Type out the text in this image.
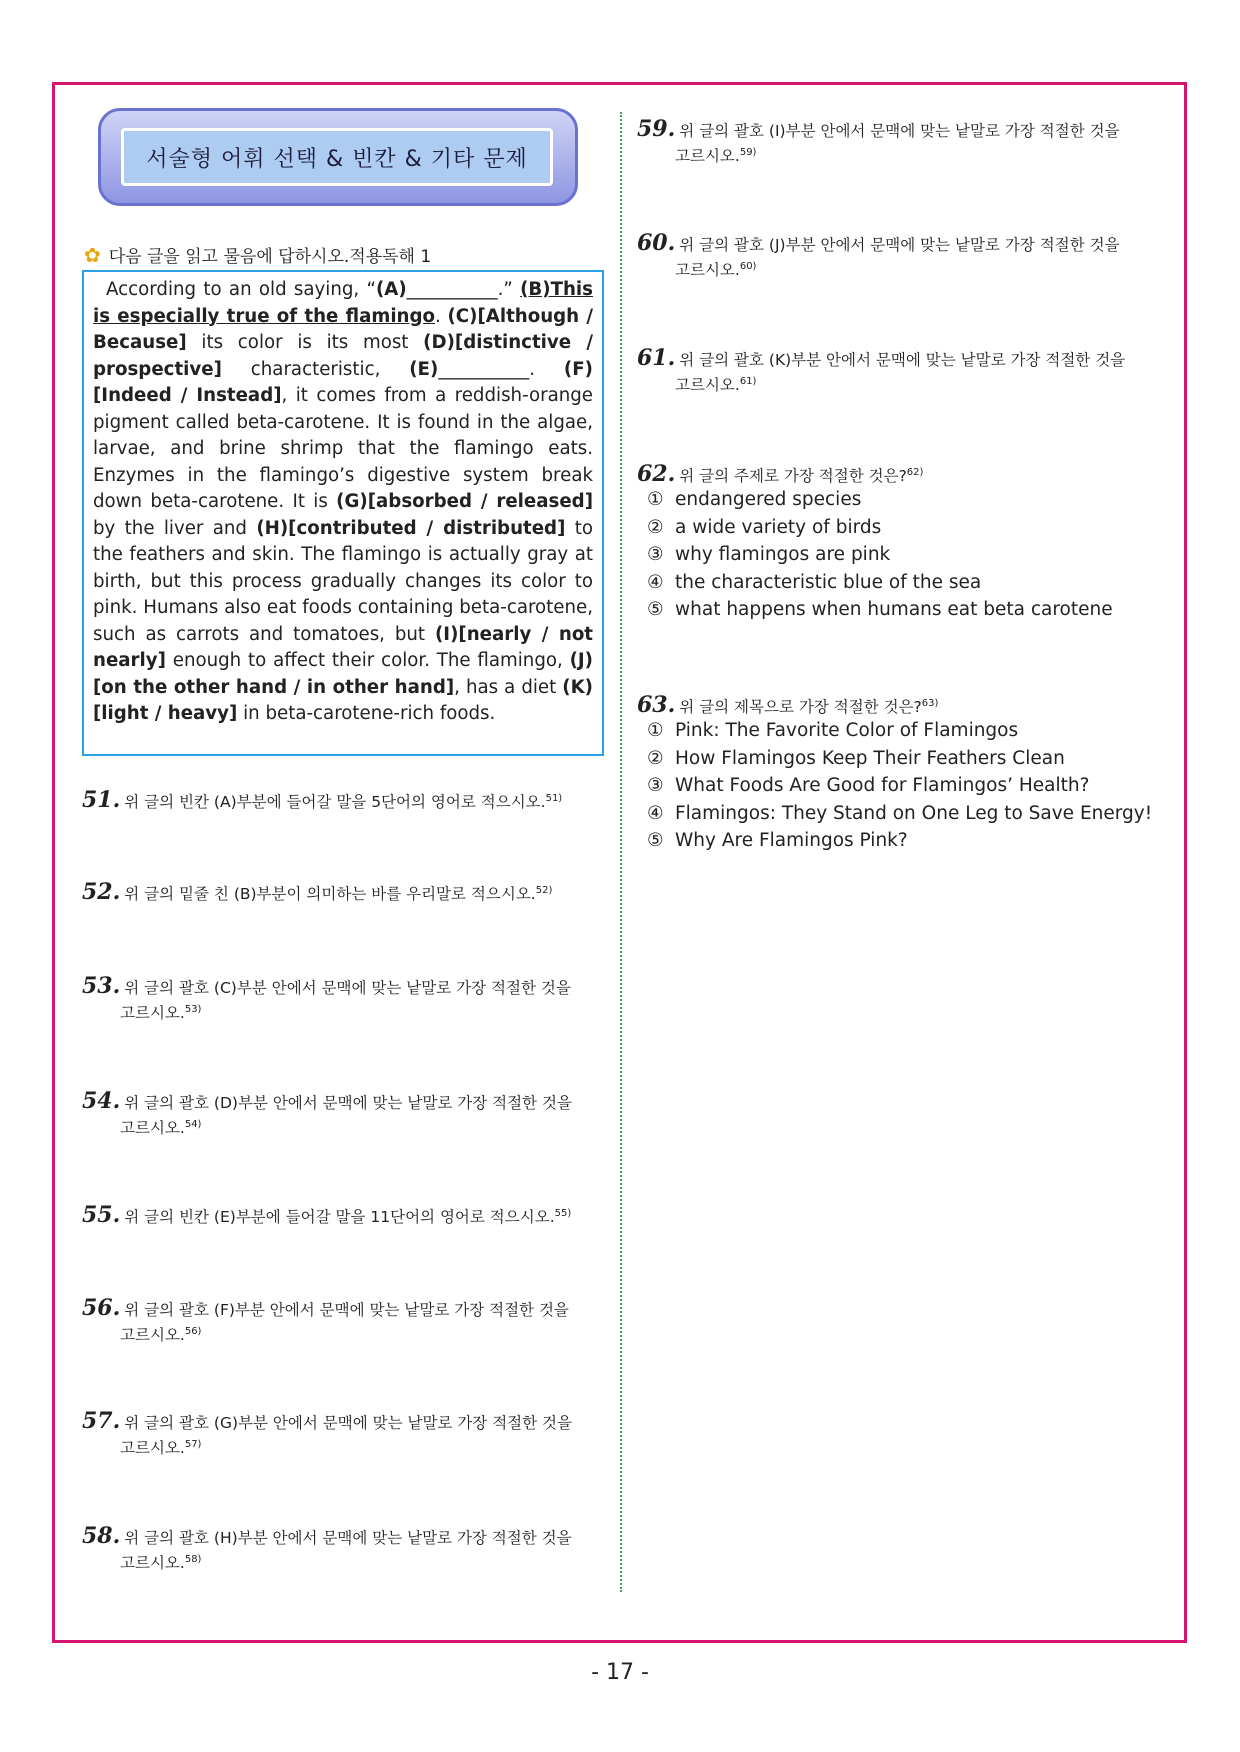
서술형 어휘 선택 & 빈칸 & 기타 문제
✿ 다음 글을 읽고 물음에 답하시오.적용독해 1

According to an old saying, “(A)__________.” (B)This is especially true of the flamingo. (C)[Although / Because] its color is its most (D)[distinctive / prospective] characteristic, (E)__________. (F)[Indeed / Instead], it comes from a reddish-orange pigment called beta-carotene. It is found in the algae, larvae, and brine shrimp that the flamingo eats. Enzymes in the flamingo’s digestive system break down beta-carotene. It is (G)[absorbed / released] by the liver and (H)[contributed / distributed] to the feathers and skin. The flamingo is actually gray at birth, but this process gradually changes its color to pink. Humans also eat foods containing beta-carotene, such as carrots and tomatoes, but (I)[nearly / not nearly] enough to affect their color. The flamingo, (J)[on the other hand / in other hand], has a diet (K)[light / heavy] in beta-carotene-rich foods.

51. 위 글의 빈칸 (A)부분에 들어갈 말을 5단어의 영어로 적으시오.$^{51)}$
52. 위 글의 밑줄 친 (B)부분이 의미하는 바를 우리말로 적으시오.$^{52)}$
53. 위 글의 괄호 (C)부분 안에서 문맥에 맞는 낱말로 가장 적절한 것을
고르시오.$^{53)}$
54. 위 글의 괄호 (D)부분 안에서 문맥에 맞는 낱말로 가장 적절한 것을
고르시오.$^{54)}$
55. 위 글의 빈칸 (E)부분에 들어갈 말을 11단어의 영어로 적으시오.$^{55)}$
56. 위 글의 괄호 (F)부분 안에서 문맥에 맞는 낱말로 가장 적절한 것을
고르시오.$^{56)}$
57. 위 글의 괄호 (G)부분 안에서 문맥에 맞는 낱말로 가장 적절한 것을
고르시오.$^{57)}$
58. 위 글의 괄호 (H)부분 안에서 문맥에 맞는 낱말로 가장 적절한 것을
고르시오.$^{58)}$
59. 위 글의 괄호 (I)부분 안에서 문맥에 맞는 낱말로 가장 적절한 것을
고르시오.$^{59)}$
60. 위 글의 괄호 (J)부분 안에서 문맥에 맞는 낱말로 가장 적절한 것을
고르시오.$^{60)}$
61. 위 글의 괄호 (K)부분 안에서 문맥에 맞는 낱말로 가장 적절한 것을
고르시오.$^{61)}$
62. 위 글의 주제로 가장 적절한 것은?$^{62)}$
① endangered species
② a wide variety of birds
③ why flamingos are pink
④ the characteristic blue of the sea
⑤ what happens when humans eat beta carotene
63. 위 글의 제목으로 가장 적절한 것은?$^{63)}$
① Pink: The Favorite Color of Flamingos
② How Flamingos Keep Their Feathers Clean
③ What Foods Are Good for Flamingos’ Health?
④ Flamingos: They Stand on One Leg to Save Energy!
⑤ Why Are Flamingos Pink?
- 17 -
